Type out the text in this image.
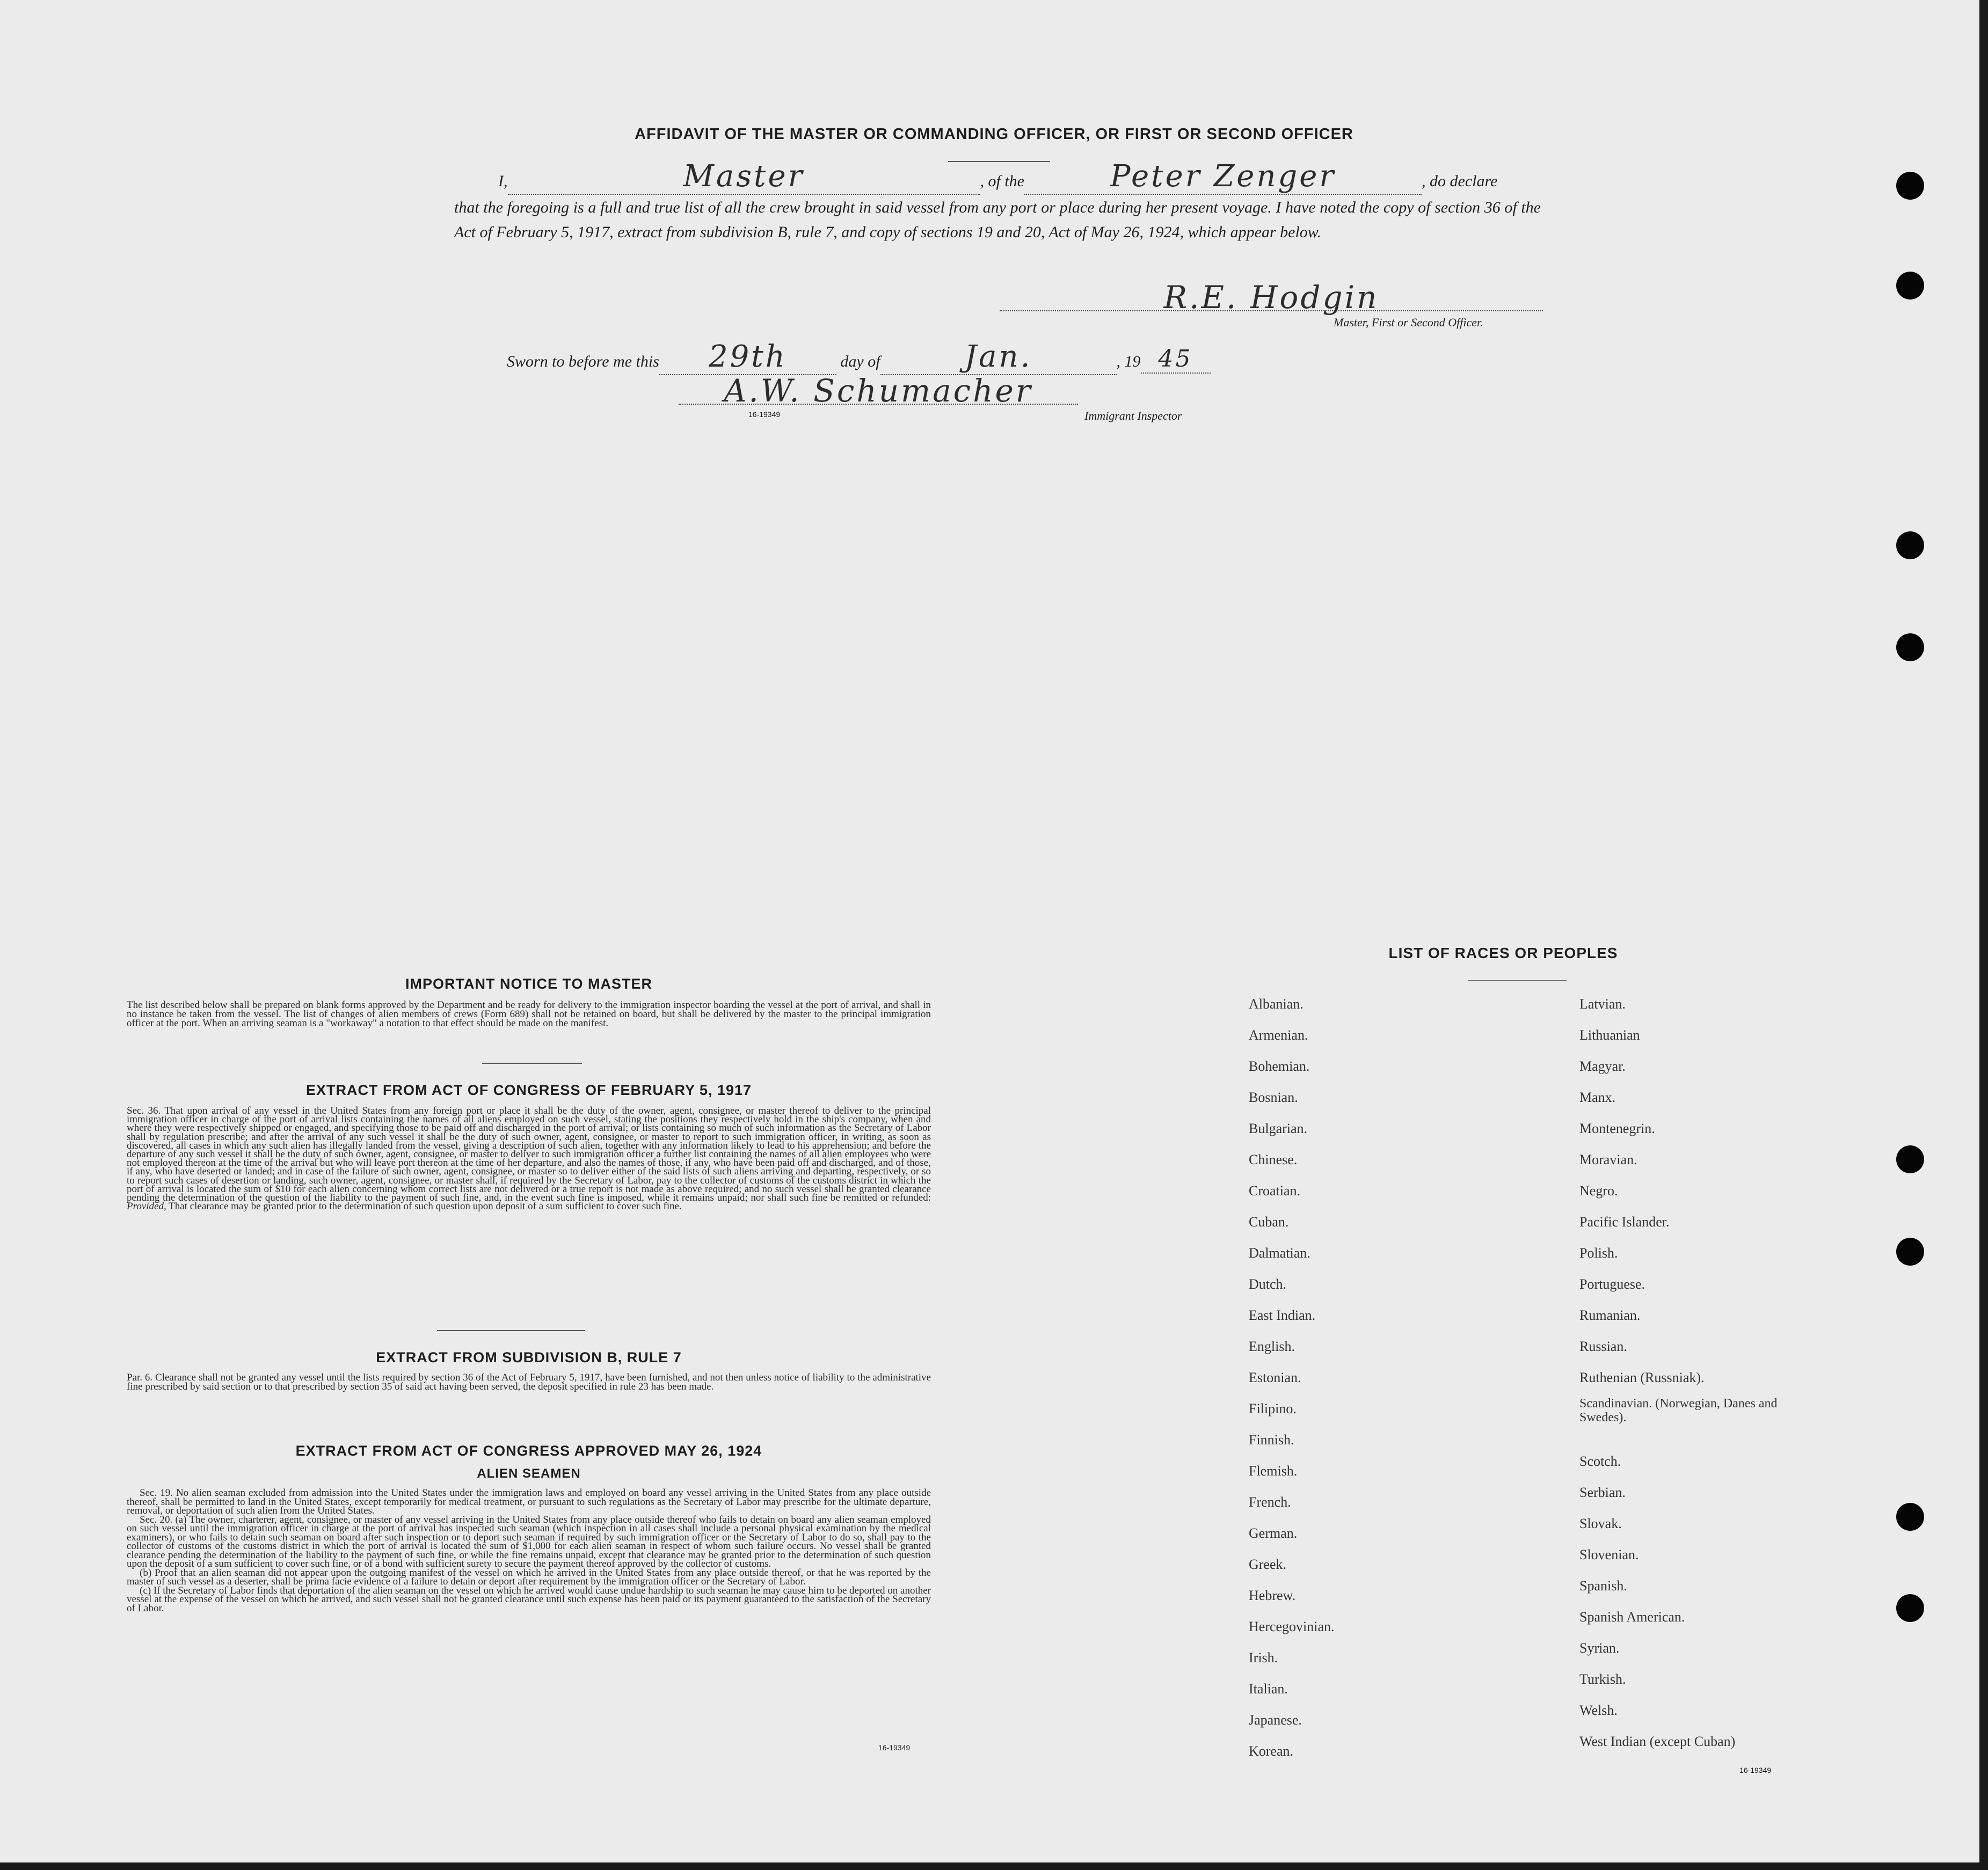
AFFIDAVIT OF THE MASTER OR COMMANDING OFFICER, OR FIRST OR SECOND OFFICER
I,	Master	, of the	Peter Zenger	, do declare
that the foregoing is a full and true list of all the crew brought in said vessel from any port or place during her present voyage. I have noted the copy of section 36 of the Act of February 5, 1917, extract from subdivision B, rule 7, and copy of sections 19 and 20, Act of May 26, 1924, which appear below.
R.E. Hodgin
Master, First or Second Officer.
Sworn to before me this 29th	day of	Jan.	, 19 45
A.W. Schumacher
16-19349	Immigrant Inspector
IMPORTANT NOTICE TO MASTER
The list described below shall be prepared on blank forms approved by the Department and be ready for delivery to the immigration inspector boarding the vessel at the port of arrival, and shall in no instance be taken from the vessel. The list of changes of alien members of crews (Form 689) shall not be retained on board, but shall be delivered by the master to the principal immigration officer at the port. When an arriving seaman is a "workaway" a notation to that effect should be made on the manifest.
EXTRACT FROM ACT OF CONGRESS OF FEBRUARY 5, 1917
Sec. 36. That upon arrival of any vessel in the United States from any foreign port or place it shall be the duty of the owner, agent, consignee, or master thereof to deliver to the principal immigration officer in charge of the port of arrival lists containing the names of all aliens employed on such vessel, stating the positions they respectively hold in the ship's company, when and where they were respectively shipped or engaged, and specifying those to be paid off and discharged in the port of arrival; or lists containing so much of such information as the Secretary of Labor shall by regulation prescribe; and after the arrival of any such vessel it shall be the duty of such owner, agent, consignee, or master to report to such immigration officer, in writing, as soon as discovered, all cases in which any such alien has illegally landed from the vessel, giving a description of such alien, together with any information likely to lead to his apprehension; and before the departure of any such vessel it shall be the duty of such owner, agent, consignee, or master to deliver to such immigration officer a further list containing the names of all alien employees who were not employed thereon at the time of the arrival but who will leave port thereon at the time of her departure, and also the names of those, if any, who have been paid off and discharged, and of those, if any, who have deserted or landed; and in case of the failure of such owner, agent, consignee, or master so to deliver either of the said lists of such aliens arriving and departing, respectively, or so to report such cases of desertion or landing, such owner, agent, consignee, or master shall, if required by the Secretary of Labor, pay to the collector of customs of the customs district in which the port of arrival is located the sum of $10 for each alien concerning whom correct lists are not delivered or a true report is not made as above required; and no such vessel shall be granted clearance pending the determination of the question of the liability to the payment of such fine, and, in the event such fine is imposed, while it remains unpaid; nor shall such fine be remitted or refunded: Provided, That clearance may be granted prior to the determination of such question upon deposit of a sum sufficient to cover such fine.
EXTRACT FROM SUBDIVISION B, RULE 7
Par. 6. Clearance shall not be granted any vessel until the lists required by section 36 of the Act of February 5, 1917, have been furnished, and not then unless notice of liability to the administrative fine prescribed by said section or to that prescribed by section 35 of said act having been served, the deposit specified in rule 23 has been made.
EXTRACT FROM ACT OF CONGRESS APPROVED MAY 26, 1924
ALIEN SEAMEN
Sec. 19. No alien seaman excluded from admission into the United States under the immigration laws and employed on board any vessel arriving in the United States from any place outside thereof, shall be permitted to land in the United States, except temporarily for medical treatment, or pursuant to such regulations as the Secretary of Labor may prescribe for the ultimate departure, removal, or deportation of such alien from the United States.
Sec. 20. (a) The owner, charterer, agent, consignee, or master of any vessel arriving in the United States from any place outside thereof who fails to detain on board any alien seaman employed on such vessel until the immigration officer in charge at the port of arrival has inspected such seaman (which inspection in all cases shall include a personal physical examination by the medical examiners), or who fails to detain such seaman on board after such inspection or to deport such seaman if required by such immigration officer or the Secretary of Labor to do so, shall pay to the collector of customs of the customs district in which the port of arrival is located the sum of $1,000 for each alien seaman in respect of whom such failure occurs. No vessel shall be granted clearance pending the determination of the liability to the payment of such fine, or while the fine remains unpaid, except that clearance may be granted prior to the determination of such question upon the deposit of a sum sufficient to cover such fine, or of a bond with sufficient surety to secure the payment thereof approved by the collector of customs.
(b) Proof that an alien seaman did not appear upon the outgoing manifest of the vessel on which he arrived in the United States from any place outside thereof, or that he was reported by the master of such vessel as a deserter, shall be prima facie evidence of a failure to detain or deport after requirement by the immigration officer or the Secretary of Labor.
(c) If the Secretary of Labor finds that deportation of the alien seaman on the vessel on which he arrived would cause undue hardship to such seaman he may cause him to be deported on another vessel at the expense of the vessel on which he arrived, and such vessel shall not be granted clearance until such expense has been paid or its payment guaranteed to the satisfaction of the Secretary of Labor.
16-19349
LIST OF RACES OR PEOPLES
Albanian.
Armenian.
Bohemian.
Bosnian.
Bulgarian.
Chinese.
Croatian.
Cuban.
Dalmatian.
Dutch.
East Indian.
English.
Estonian.
Filipino.
Finnish.
Flemish.
French.
German.
Greek.
Hebrew.
Hercegovinian.
Irish.
Italian.
Japanese.
Korean.
Latvian.
Lithuanian
Magyar.
Manx.
Montenegrin.
Moravian.
Negro.
Pacific Islander.
Polish.
Portuguese.
Rumanian.
Russian.
Ruthenian (Russniak).
Scandinavian. (Norwegian, Danes and Swedes).
Scotch.
Serbian.
Slovak.
Slovenian.
Spanish.
Spanish American.
Syrian.
Turkish.
Welsh.
West Indian (except Cuban)
16-19349
